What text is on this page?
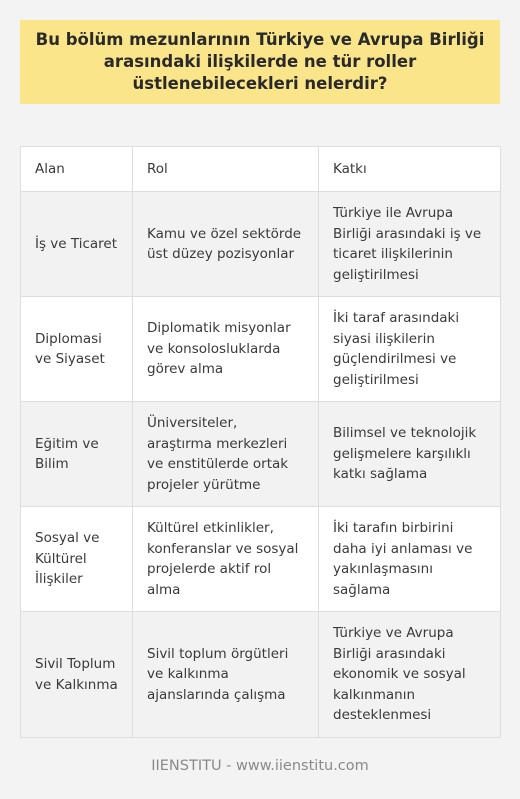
Bu bölüm mezunlarının Türkiye ve Avrupa Birliği arasındaki ilişkilerde ne tür roller üstlenebilecekleri nelerdir?
Alan	Rol	Katkı
İş ve Ticaret	Kamu ve özel sektörde üst düzey pozisyonlar	Türkiye ile Avrupa Birliği arasındaki iş ve ticaret ilişkilerinin geliştirilmesi
Diplomasi ve Siyaset	Diplomatik misyonlar ve konsolosluklarda görev alma	İki taraf arasındaki siyasi ilişkilerin güçlendirilmesi ve geliştirilmesi
Eğitim ve Bilim	Üniversiteler, araştırma merkezleri ve enstitülerde ortak projeler yürütme	Bilimsel ve teknolojik gelişmelere karşılıklı katkı sağlama
Sosyal ve Kültürel İlişkiler	Kültürel etkinlikler, konferanslar ve sosyal projelerde aktif rol alma	İki tarafın birbirini daha iyi anlaması ve yakınlaşmasını sağlama
Sivil Toplum ve Kalkınma	Sivil toplum örgütleri ve kalkınma ajanslarında çalışma	Türkiye ve Avrupa Birliği arasındaki ekonomik ve sosyal kalkınmanın desteklenmesi
IIENSTITU - www.iienstitu.com
